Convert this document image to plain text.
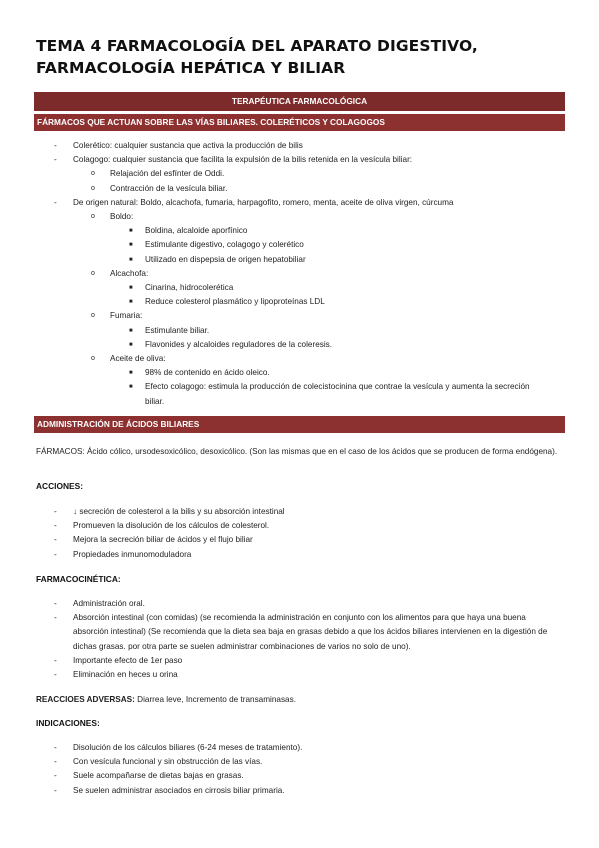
TEMA 4 FARMACOLOGÍA DEL APARATO DIGESTIVO, FARMACOLOGÍA HEPÁTICA Y BILIAR
TERAPÉUTICA FARMACOLÓGICA
FÁRMACOS QUE ACTUAN SOBRE LAS VÍAS BILIARES. COLERÉTICOS Y COLAGOGOS
- Colerético: cualquier sustancia que activa la producción de bilis
- Colagogo: cualquier sustancia que facilita la expulsión de la bilis retenida en la vesícula biliar:
o Relajación del esfínter de Oddi.
o Contracción de la vesícula biliar.
- De origen natural: Boldo, alcachofa, fumaria, harpagofito, romero, menta, aceite de oliva virgen, cúrcuma
o Boldo:
■ Boldina, alcaloide aporfínico
■ Estimulante digestivo, colagogo y colerético
■ Utilizado en dispepsia de origen hepatobiliar
o Alcachofa:
■ Cinarina, hidrocolerética
■ Reduce colesterol plasmático y lipoproteínas LDL
o Fumaria:
■ Estimulante biliar.
■ Flavonides y alcaloides reguladores de la coleresis.
o Aceite de oliva:
■ 98% de contenido en ácido oleico.
■ Efecto colagogo: estimula la producción de colecistocinina que contrae la vesícula y aumenta la secreción biliar.
ADMINISTRACIÓN DE ÁCIDOS BILIARES

FÁRMACOS: Ácido cólico, ursodesoxicólico, desoxicólico. (Son las mismas que en el caso de los ácidos que se producen de forma endógena).

ACCIONES:
- ↓ secreción de colesterol a la bilis y su absorción intestinal
- Promueven la disolución de los cálculos de colesterol.
- Mejora la secreción biliar de ácidos y el flujo biliar
- Propiedades inmunomoduladora
FARMACOCINÉTICA:
- Administración oral.
- Absorción intestinal (con comidas) (se recomienda la administración en conjunto con los alimentos para que haya una buena absorción intestinal) (Se recomienda que la dieta sea baja en grasas debido a que los ácidos biliares intervienen en la digestión de dichas grasas. por otra parte se suelen administrar combinaciones de varios no solo de uno).
- Importante efecto de 1er paso
- Eliminación en heces u orina

REACCIOES ADVERSAS: Diarrea leve, Incremento de transaminasas.

INDICACIONES:
- Disolución de los cálculos biliares (6-24 meses de tratamiento).
- Con vesícula funcional y sin obstrucción de las vías.
- Suele acompañarse de dietas bajas en grasas.
- Se suelen administrar asociados en cirrosis biliar primaria.
